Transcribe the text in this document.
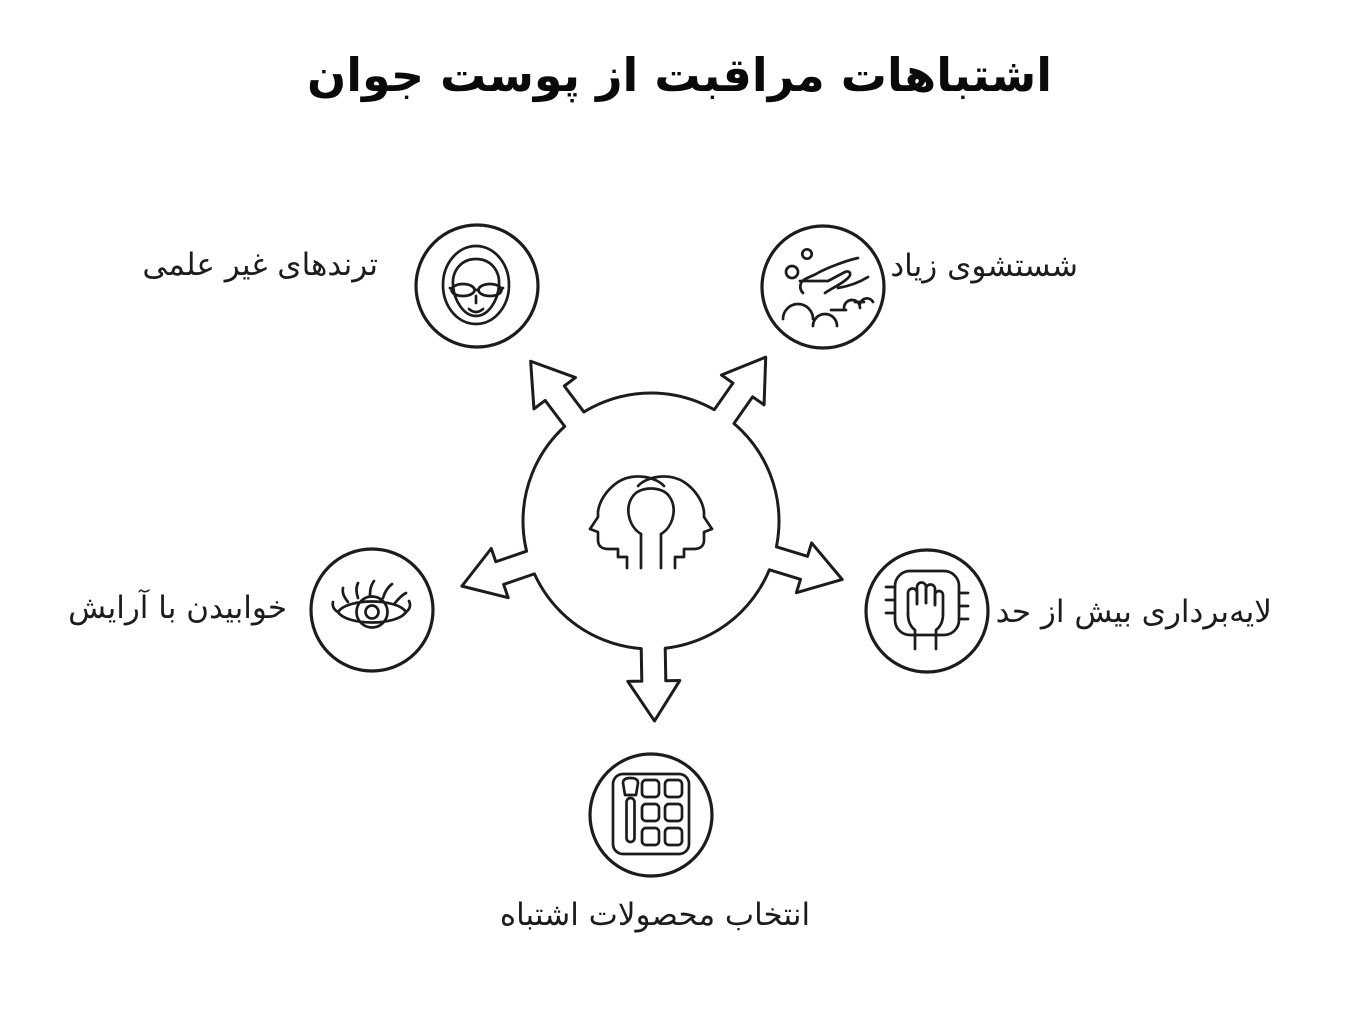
اشتباهات مراقبت از پوست جوان
ترندهای غیر علمی	شستشوی زیاد
خوابیدن با آرایش	لایه‌برداری بیش از حد
انتخاب محصولات اشتباه
